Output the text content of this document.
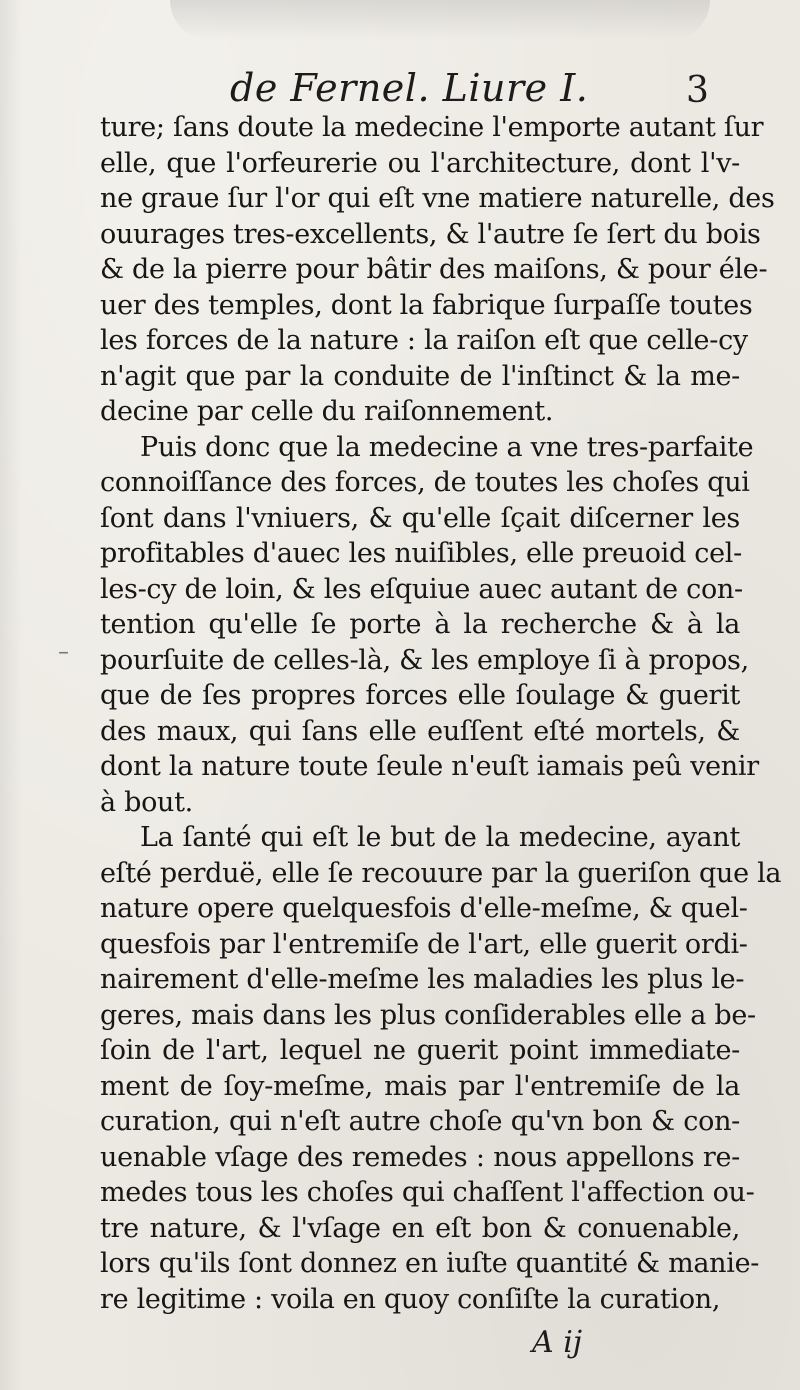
de Fernel. Liure I.	3
–
ture; ſans doute la medecine l'emporte autant ſur
elle, que l'orfeurerie ou l'architecture, dont l'v-
ne graue ſur l'or qui eſt vne matiere naturelle, des
ouurages tres-excellents, & l'autre ſe ſert du bois
& de la pierre pour bâtir des maiſons, & pour éle-
uer des temples, dont la fabrique ſurpaſſe toutes
les forces de la nature : la raiſon eſt que celle-cy
n'agit que par la conduite de l'inſtinct & la me-
decine par celle du raiſonnement.
Puis donc que la medecine a vne tres-parfaite
connoiſſance des forces, de toutes les choſes qui
ſont dans l'vniuers, & qu'elle ſçait diſcerner les
profitables d'auec les nuiſibles, elle preuoid cel-
les-cy de loin, & les eſquiue auec autant de con-
tention qu'elle ſe porte à la recherche & à la
pourſuite de celles-là, & les employe ſi à propos,
que de ſes propres forces elle ſoulage & guerit
des maux, qui ſans elle euſſent eſté mortels, &
dont la nature toute ſeule n'euſt iamais peû venir
à bout.
La ſanté qui eſt le but de la medecine, ayant
eſté perduë, elle ſe recouure par la gueriſon que la
nature opere quelquesfois d'elle-meſme, & quel-
quesfois par l'entremiſe de l'art, elle guerit ordi-
nairement d'elle-meſme les maladies les plus le-
geres, mais dans les plus conſiderables elle a be-
ſoin de l'art, lequel ne guerit point immediate-
ment de ſoy-meſme, mais par l'entremiſe de la
curation, qui n'eſt autre choſe qu'vn bon & con-
uenable vſage des remedes : nous appellons re-
medes tous les choſes qui chaſſent l'affection ou-
tre nature, & l'vſage en eſt bon & conuenable,
lors qu'ils ſont donnez en iuſte quantité & manie-
re legitime : voila en quoy conſiſte la curation,
A ij
